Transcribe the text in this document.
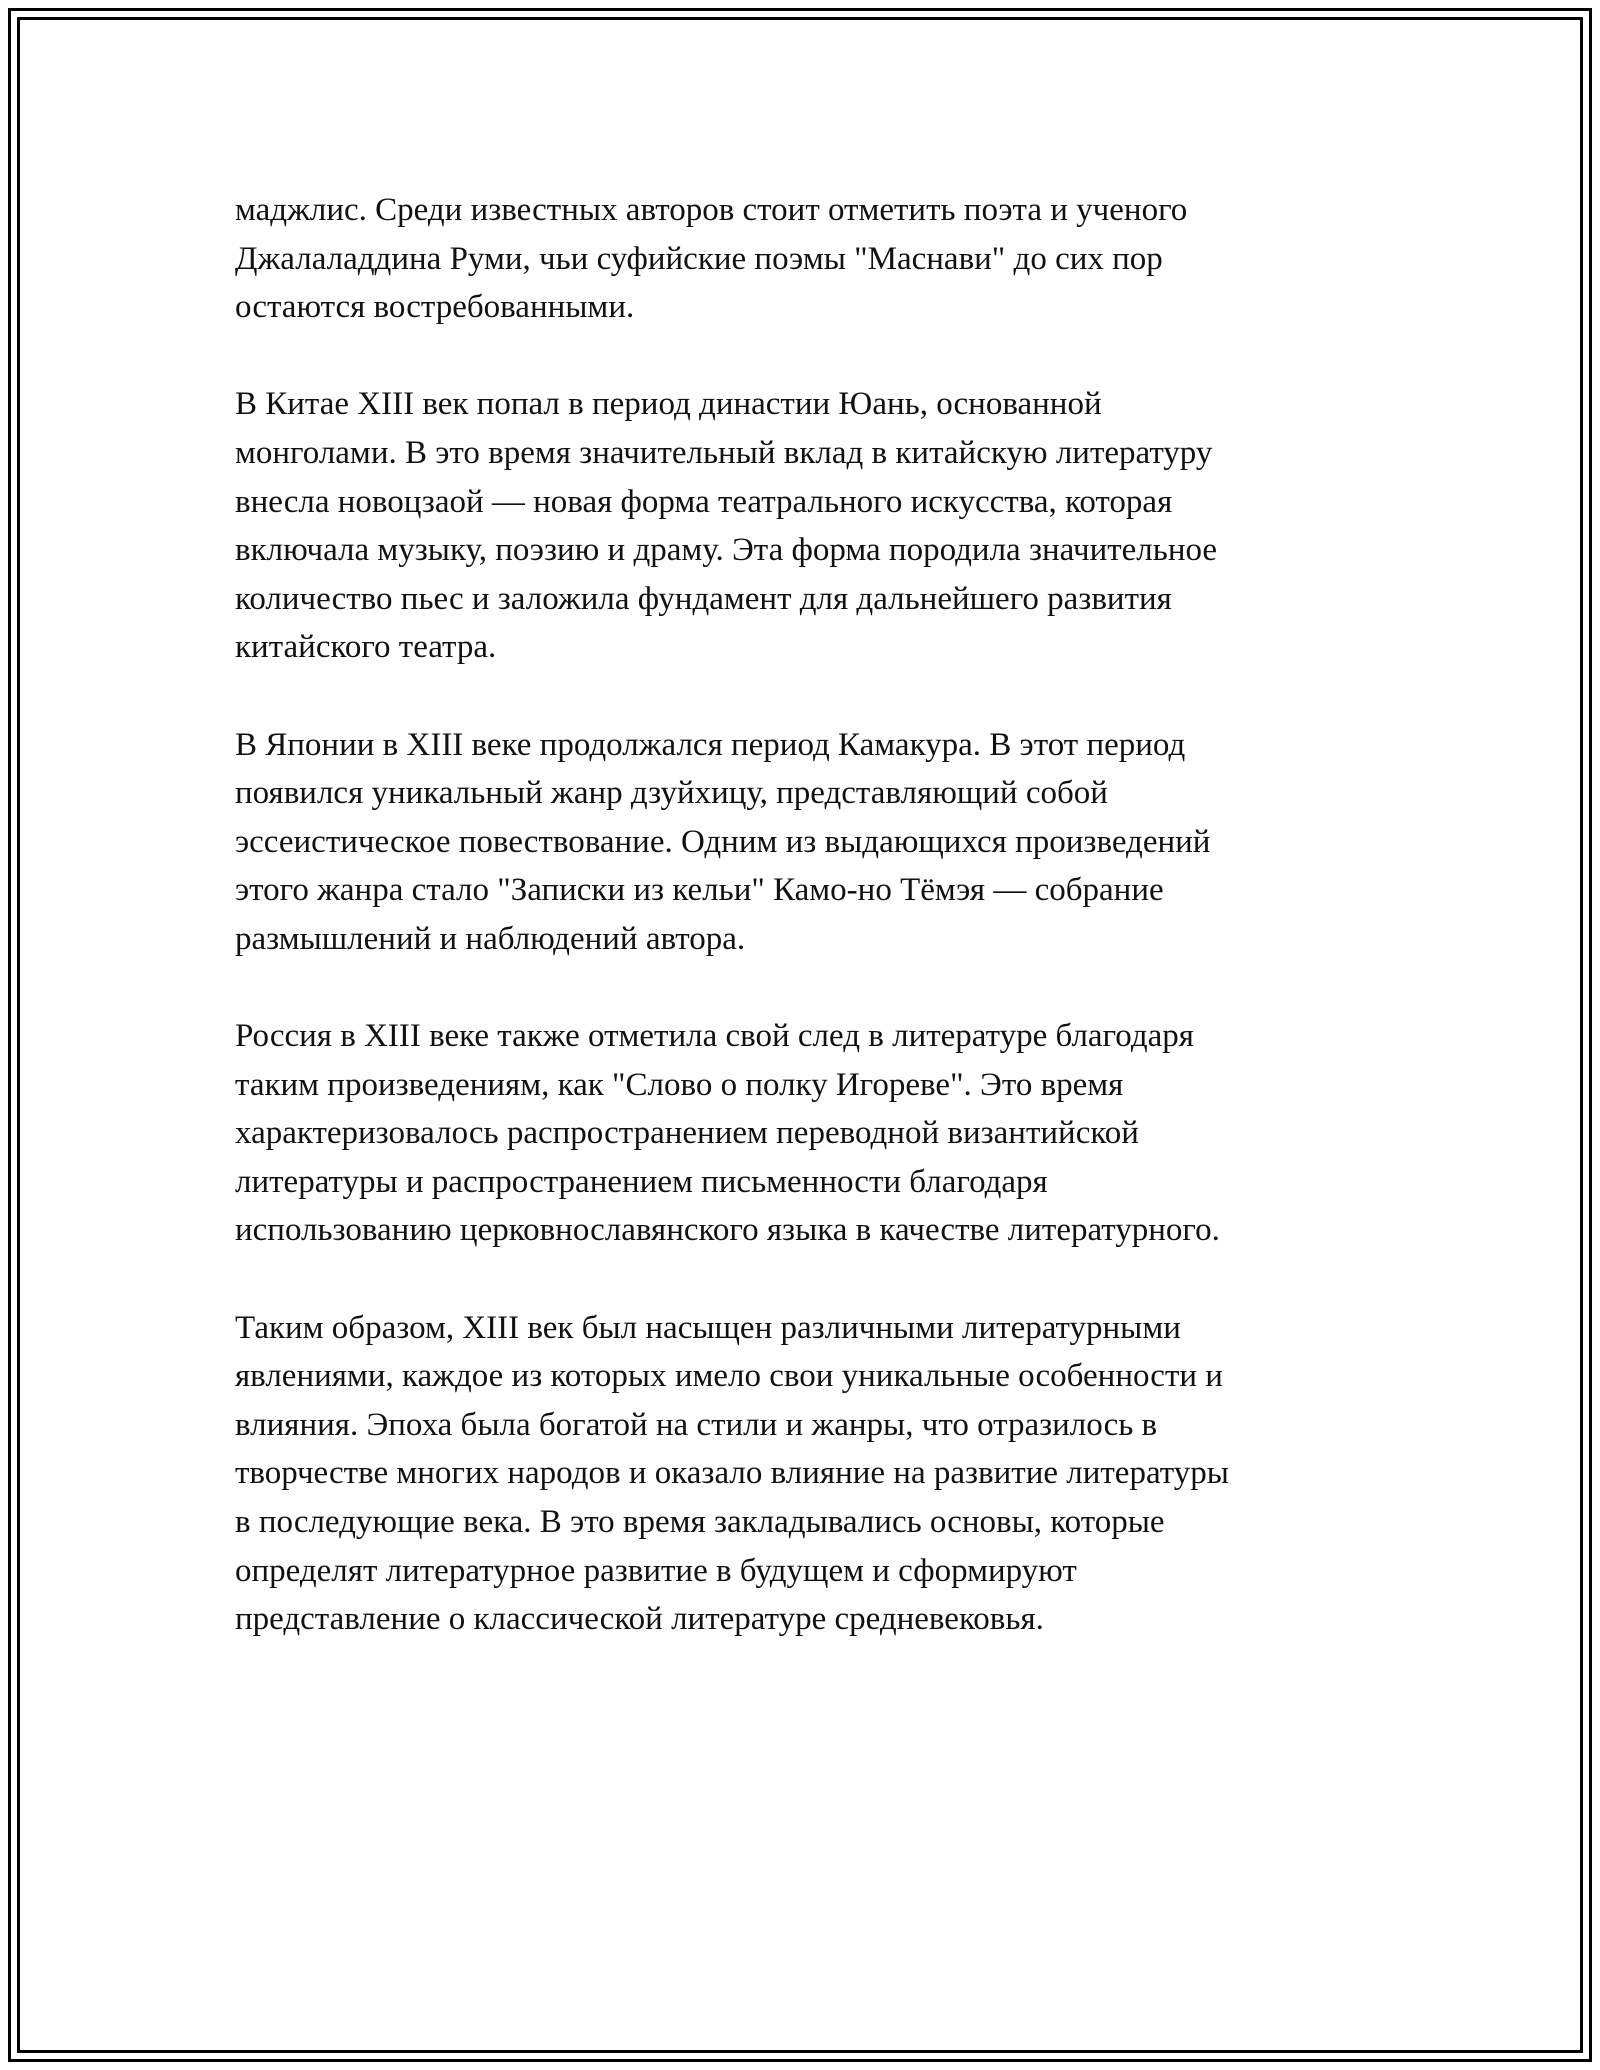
маджлис. Среди известных авторов стоит отметить поэта и ученого
Джалаладдина Руми, чьи суфийские поэмы "Маснави" до сих пор
остаются востребованными.

В Китае XIII век попал в период династии Юань, основанной
монголами. В это время значительный вклад в китайскую литературу
внесла новоцзаой — новая форма театрального искусства, которая
включала музыку, поэзию и драму. Эта форма породила значительное
количество пьес и заложила фундамент для дальнейшего развития
китайского театра.

В Японии в XIII веке продолжался период Камакура. В этот период
появился уникальный жанр дзуйхицу, представляющий собой
эссеистическое повествование. Одним из выдающихся произведений
этого жанра стало "Записки из кельи" Камо-но Тёмэя — собрание
размышлений и наблюдений автора.

Россия в XIII веке также отметила свой след в литературе благодаря
таким произведениям, как "Слово о полку Игореве". Это время
характеризовалось распространением переводной византийской
литературы и распространением письменности благодаря
использованию церковнославянского языка в качестве литературного.

Таким образом, XIII век был насыщен различными литературными
явлениями, каждое из которых имело свои уникальные особенности и
влияния. Эпоха была богатой на стили и жанры, что отразилось в
творчестве многих народов и оказало влияние на развитие литературы
в последующие века. В это время закладывались основы, которые
определят литературное развитие в будущем и сформируют
представление о классической литературе средневековья.
